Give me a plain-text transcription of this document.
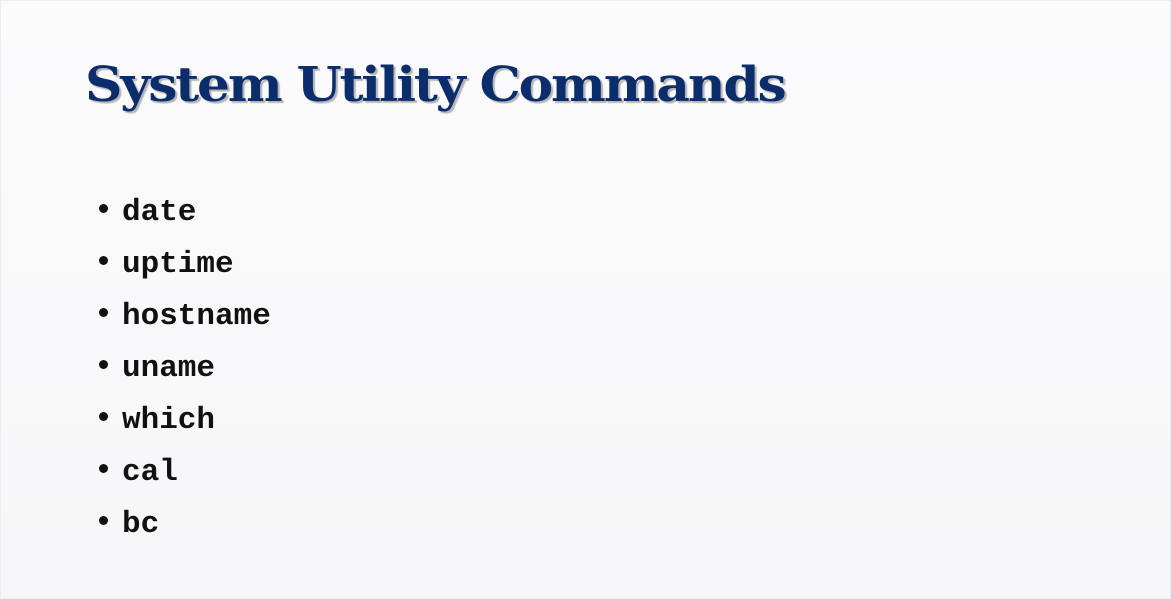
System Utility Commands
date
uptime
hostname
uname
which
cal
bc
